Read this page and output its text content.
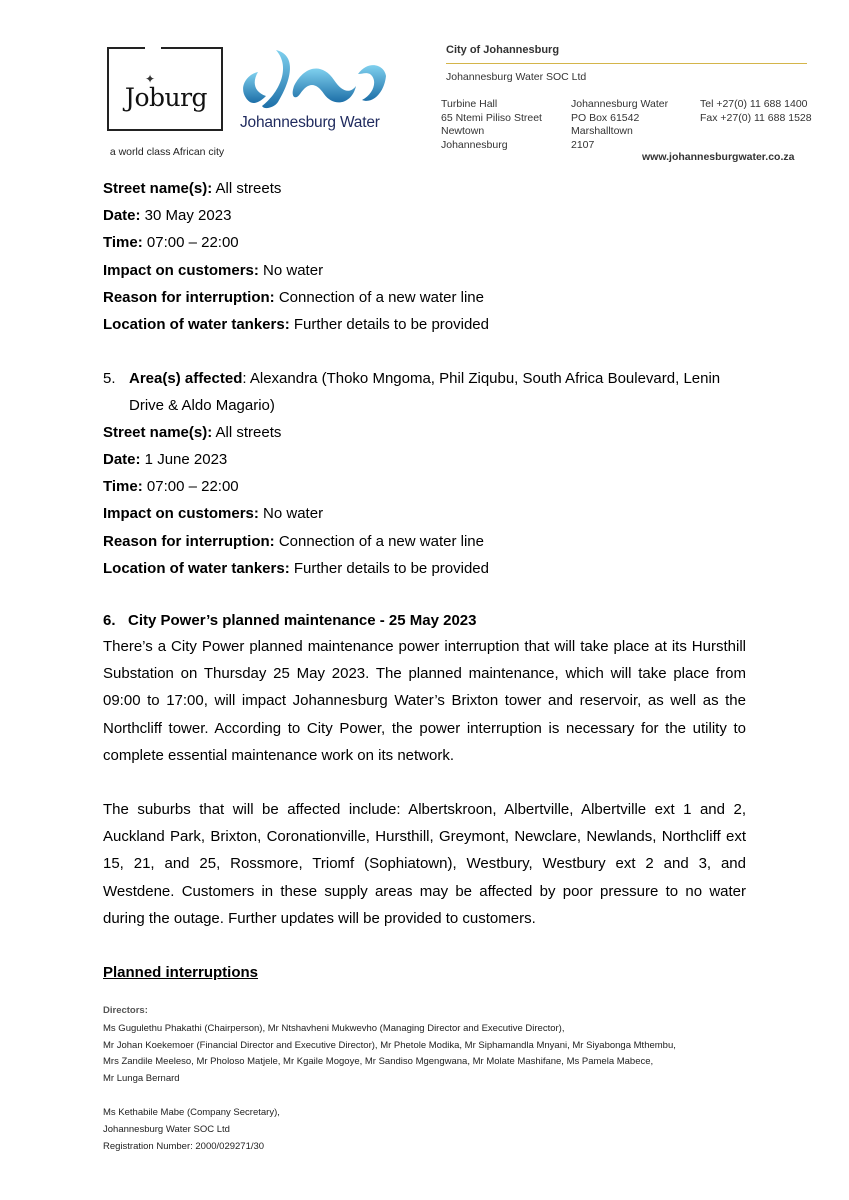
✦
Joburg
a world class African city
Johannesburg Water
City of Johannesburg
Johannesburg Water SOC Ltd
Turbine Hall
65 Ntemi Piliso Street
Newtown
Johannesburg
Johannesburg Water
PO Box 61542
Marshalltown
2107
Tel +27(0) 11 688 1400
Fax +27(0) 11 688 1528
www.johannesburgwater.co.za
Street name(s): All streets
Date: 30 May 2023
Time: 07:00 – 22:00
Impact on customers: No water
Reason for interruption: Connection of a new water line
Location of water tankers: Further details to be provided
5. Area(s) affected: Alexandra (Thoko Mngoma, Phil Ziqubu, South Africa Boulevard, Lenin
Drive & Aldo Magario)
Street name(s): All streets
Date: 1 June 2023
Time: 07:00 – 22:00
Impact on customers: No water
Reason for interruption: Connection of a new water line
Location of water tankers: Further details to be provided
6.   City Power’s planned maintenance - 25 May 2023
There’s a City Power planned maintenance power interruption that will take place at its Hursthill Substation on Thursday 25 May 2023. The planned maintenance, which will take place from 09:00 to 17:00, will impact Johannesburg Water’s Brixton tower and reservoir, as well as the Northcliff tower. According to City Power, the power interruption is necessary for the utility to complete essential maintenance work on its network.
The suburbs that will be affected include: Albertskroon, Albertville, Albertville ext 1 and 2, Auckland Park, Brixton, Coronationville, Hursthill, Greymont, Newclare, Newlands, Northcliff ext 15, 21, and 25, Rossmore, Triomf (Sophiatown), Westbury, Westbury ext 2 and 3, and Westdene. Customers in these supply areas may be affected by poor pressure to no water during the outage. Further updates will be provided to customers.
Planned interruptions
Directors:
Ms Gugulethu Phakathi (Chairperson), Mr Ntshavheni Mukwevho (Managing Director and Executive Director),
Mr Johan Koekemoer (Financial Director and Executive Director), Mr Phetole Modika, Mr Siphamandla Mnyani, Mr Siyabonga Mthembu,
Mrs Zandile Meeleso, Mr Pholoso Matjele, Mr Kgaile Mogoye, Mr Sandiso Mgengwana, Mr Molate Mashifane, Ms Pamela Mabece,
Mr Lunga Bernard
Ms Kethabile Mabe (Company Secretary),
Johannesburg Water SOC Ltd
Registration Number: 2000/029271/30
